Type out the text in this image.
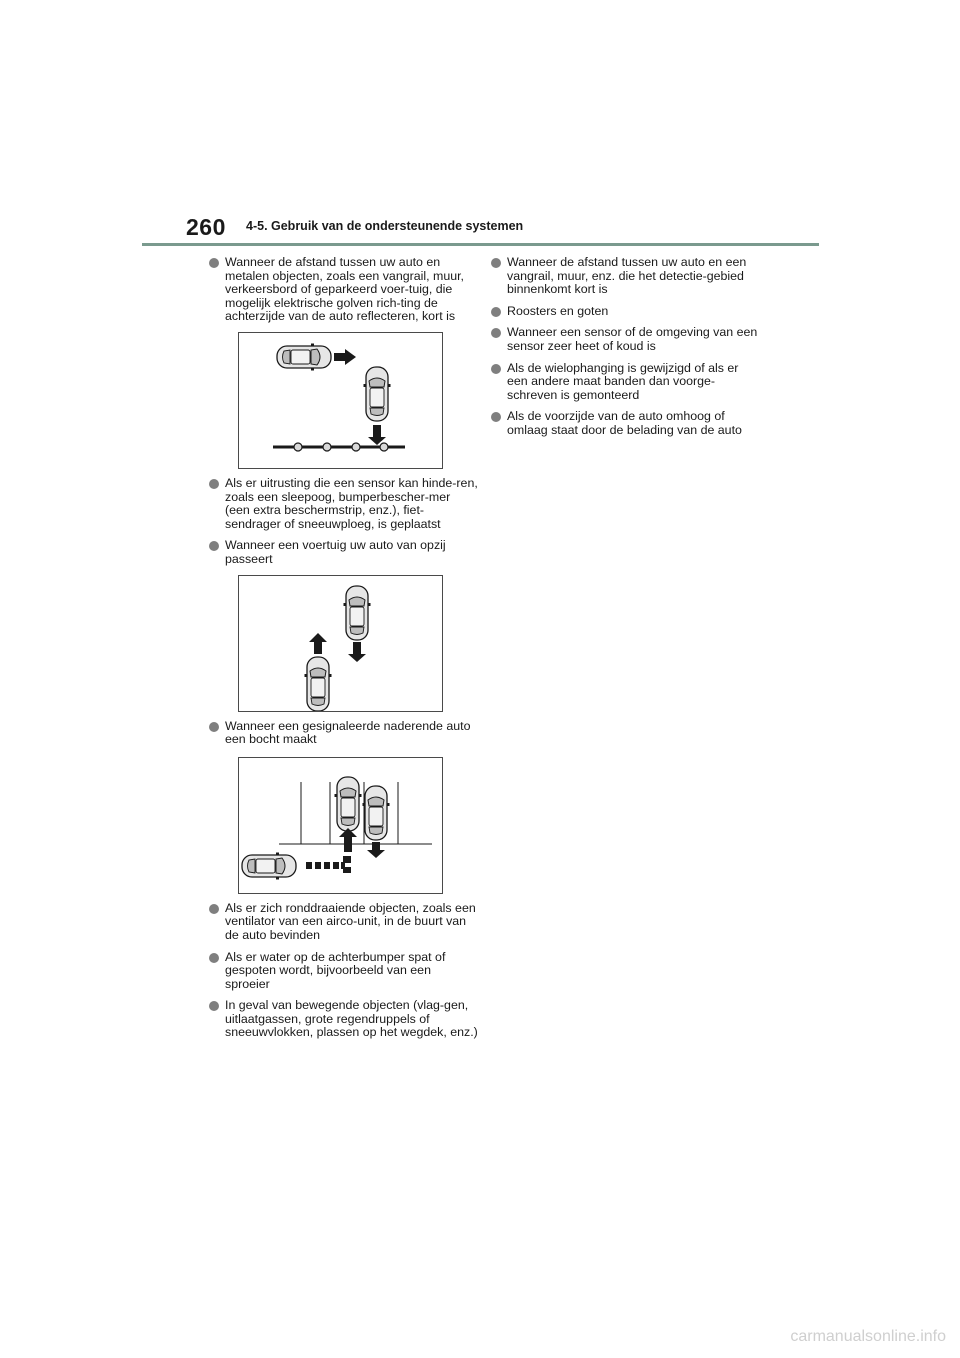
260 4-5. Gebruik van de ondersteunende systemen
Wanneer de afstand tussen uw auto en metalen objecten, zoals een vangrail, muur, verkeersbord of geparkeerd voer-tuig, die mogelijk elektrische golven rich-ting de achterzijde van de auto reflecteren, kort is
Als er uitrusting die een sensor kan hinde-ren, zoals een sleepoog, bumperbescher-mer (een extra beschermstrip, enz.), fiet-sendrager of sneeuwploeg, is geplaatst
Wanneer een voertuig uw auto van opzij passeert
Wanneer een gesignaleerde naderende auto een bocht maakt
Als er zich ronddraaiende objecten, zoals een ventilator van een airco-unit, in de buurt van de auto bevinden
Als er water op de achterbumper spat of gespoten wordt, bijvoorbeeld van een sproeier
In geval van bewegende objecten (vlag-gen, uitlaatgassen, grote regendruppels of sneeuwvlokken, plassen op het wegdek, enz.)
Wanneer de afstand tussen uw auto en een vangrail, muur, enz. die het detectie-gebied binnenkomt kort is
Roosters en goten
Wanneer een sensor of de omgeving van een sensor zeer heet of koud is
Als de wielophanging is gewijzigd of als er een andere maat banden dan voorge-schreven is gemonteerd
Als de voorzijde van de auto omhoog of omlaag staat door de belading van de auto
carmanualsonline.info
